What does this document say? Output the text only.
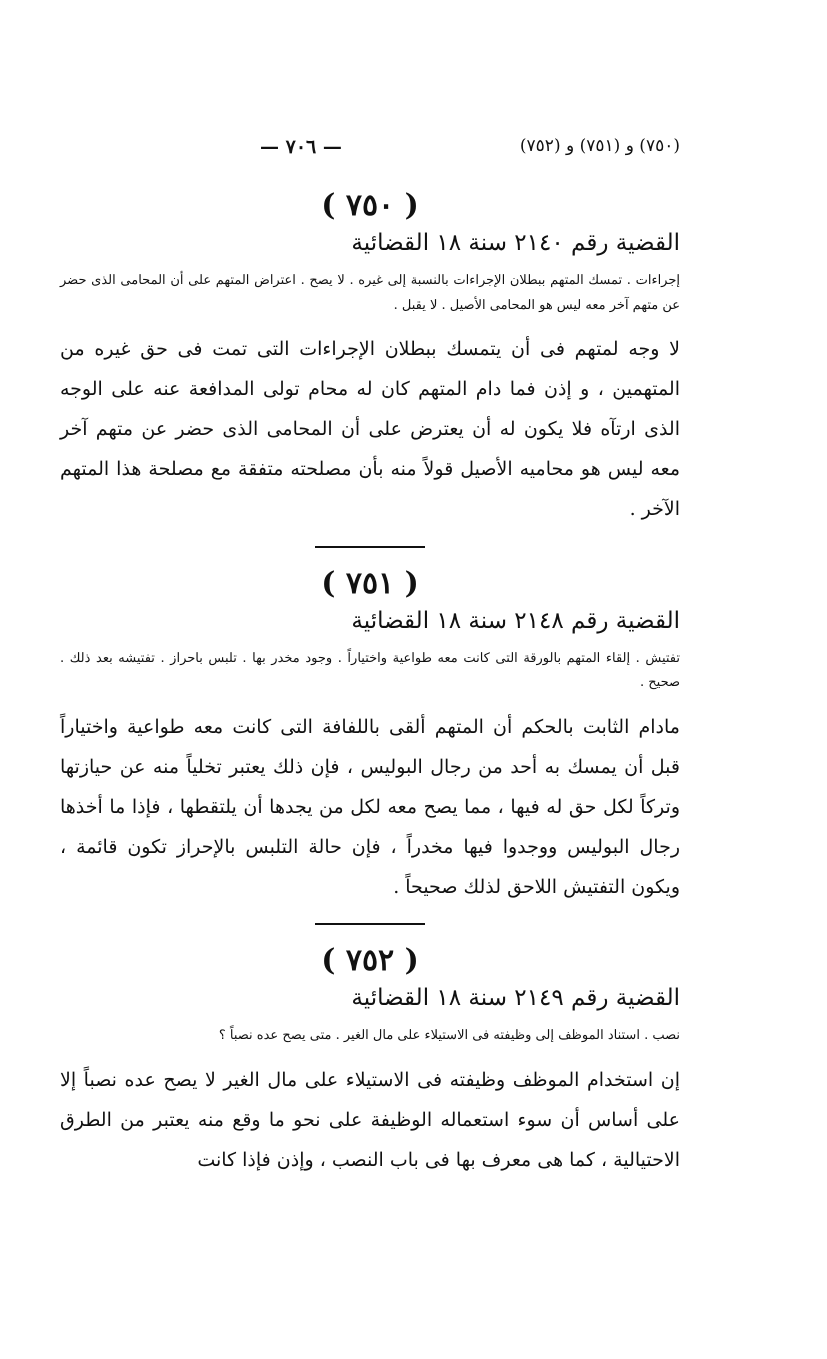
(٧٥٠) و (٧٥١) و (٧٥٢)
— ٧٠٦ —
( ٧٥٠ )
القضية رقم ٢١٤٠ سنة ١٨ القضائية

إجراءات . تمسك المتهم ببطلان الإجراءات بالنسبة إلى غيره . لا يصح . اعتراض المتهم على أن المحامى الذى حضر عن متهم آخر معه ليس هو المحامى الأصيل . لا يقبل .

لا وجه لمتهم فى أن يتمسك ببطلان الإجراءات التى تمت فى حق غيره من المتهمين ، و إذن فما دام المتهم كان له محام تولى المدافعة عنه على الوجه الذى ارتآه فلا يكون له أن يعترض على أن المحامى الذى حضر عن متهم آخر معه ليس هو محاميه الأصيل قولاً منه بأن مصلحته متفقة مع مصلحة هذا المتهم الآخر .

( ٧٥١ )
القضية رقم ٢١٤٨ سنة ١٨ القضائية

تفتيش . إلقاء المتهم بالورقة التى كانت معه طواعية واختياراً . وجود مخدر بها . تلبس باحراز . تفتيشه بعد ذلك . صحيح .

مادام الثابت بالحكم أن المتهم ألقى باللفافة التى كانت معه طواعية واختياراً قبل أن يمسك به أحد من رجال البوليس ، فإن ذلك يعتبر تخلياً منه عن حيازتها وتركاً لكل حق له فيها ، مما يصح معه لكل من يجدها أن يلتقطها ، فإذا ما أخذها رجال البوليس ووجدوا فيها مخدراً ، فإن حالة التلبس بالإحراز تكون قائمة ، ويكون التفتيش اللاحق لذلك صحيحاً .

( ٧٥٢ )
القضية رقم ٢١٤٩ سنة ١٨ القضائية

نصب . استناد الموظف إلى وظيفته فى الاستيلاء على مال الغير . متى يصح عده نصباً ؟

إن استخدام الموظف وظيفته فى الاستيلاء على مال الغير لا يصح عده نصباً إلا على أساس أن سوء استعماله الوظيفة على نحو ما وقع منه يعتبر من الطرق الاحتيالية ، كما هى معرف بها فى باب النصب ، وإذن فإذا كانت
